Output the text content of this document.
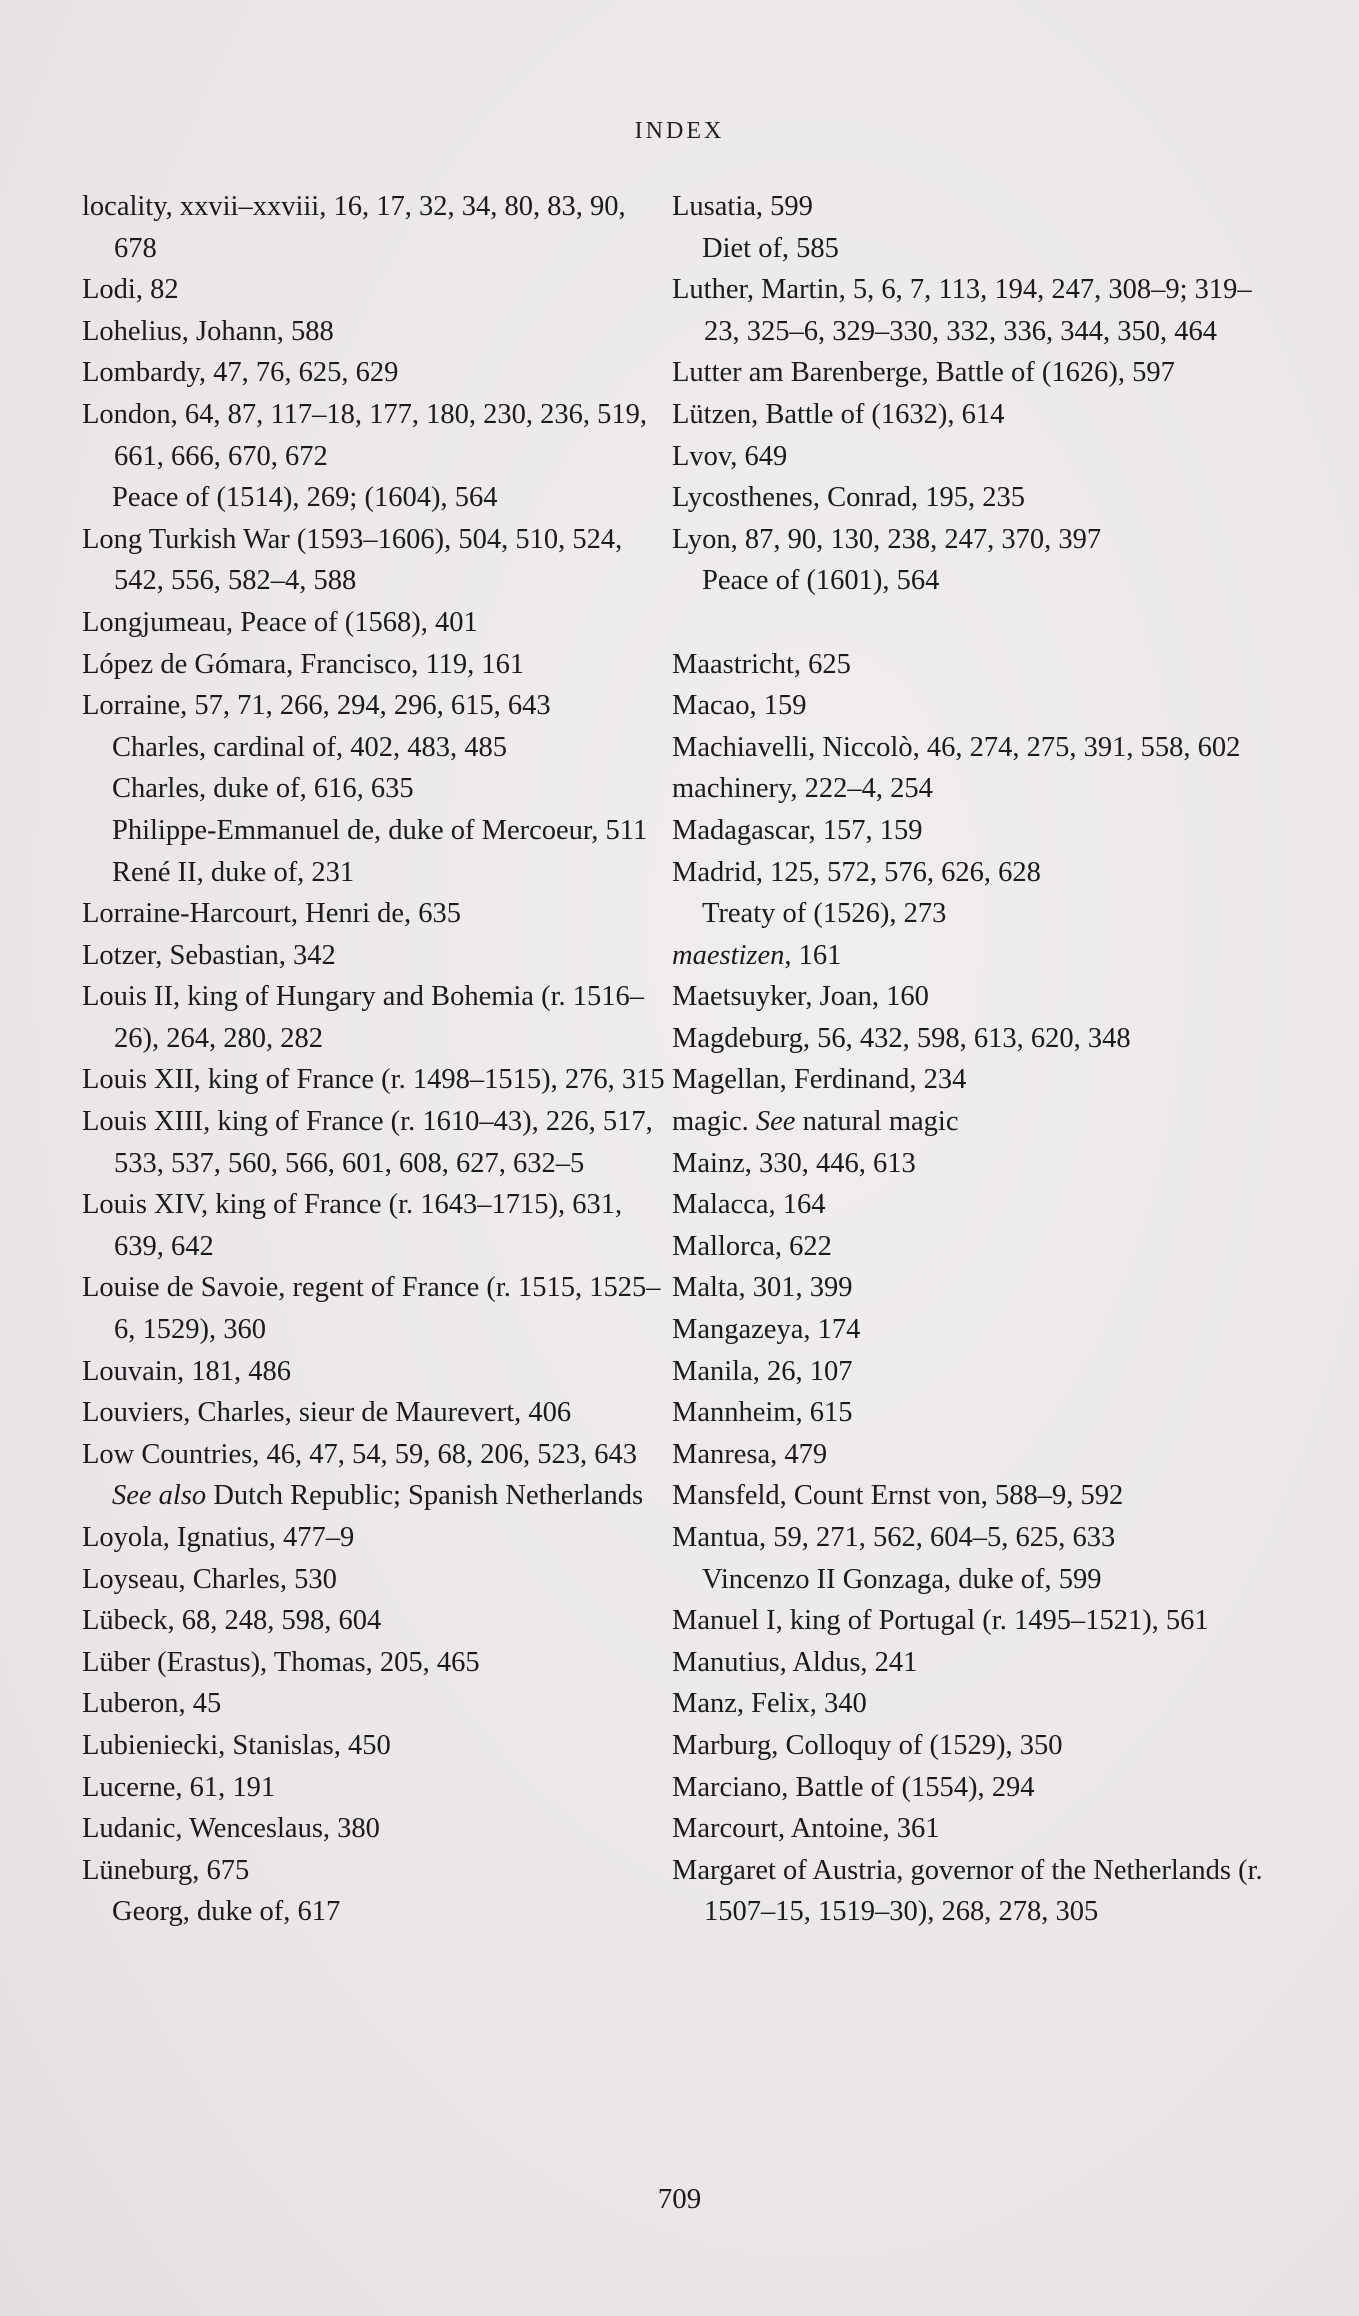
INDEX
locality, xxvii–xxviii, 16, 17, 32, 34, 80, 83, 90, 678
Lodi, 82
Lohelius, Johann, 588
Lombardy, 47, 76, 625, 629
London, 64, 87, 117–18, 177, 180, 230, 236, 519, 661, 666, 670, 672
Peace of (1514), 269; (1604), 564
Long Turkish War (1593–1606), 504, 510, 524, 542, 556, 582–4, 588
Longjumeau, Peace of (1568), 401
López de Gómara, Francisco, 119, 161
Lorraine, 57, 71, 266, 294, 296, 615, 643
Charles, cardinal of, 402, 483, 485
Charles, duke of, 616, 635
Philippe-Emmanuel de, duke of Mercoeur, 511
René II, duke of, 231
Lorraine-Harcourt, Henri de, 635
Lotzer, Sebastian, 342
Louis II, king of Hungary and Bohemia (r. 1516–26), 264, 280, 282
Louis XII, king of France (r. 1498–1515), 276, 315
Louis XIII, king of France (r. 1610–43), 226, 517, 533, 537, 560, 566, 601, 608, 627, 632–5
Louis XIV, king of France (r. 1643–1715), 631, 639, 642
Louise de Savoie, regent of France (r. 1515, 1525–6, 1529), 360
Louvain, 181, 486
Louviers, Charles, sieur de Maurevert, 406
Low Countries, 46, 47, 54, 59, 68, 206, 523, 643
See also Dutch Republic; Spanish Netherlands
Loyola, Ignatius, 477–9
Loyseau, Charles, 530
Lübeck, 68, 248, 598, 604
Lüber (Erastus), Thomas, 205, 465
Luberon, 45
Lubieniecki, Stanislas, 450
Lucerne, 61, 191
Ludanic, Wenceslaus, 380
Lüneburg, 675
Georg, duke of, 617
Lusatia, 599
Diet of, 585
Luther, Martin, 5, 6, 7, 113, 194, 247, 308–9; 319–23, 325–6, 329–330, 332, 336, 344, 350, 464
Lutter am Barenberge, Battle of (1626), 597
Lützen, Battle of (1632), 614
Lvov, 649
Lycosthenes, Conrad, 195, 235
Lyon, 87, 90, 130, 238, 247, 370, 397
Peace of (1601), 564
Maastricht, 625
Macao, 159
Machiavelli, Niccolò, 46, 274, 275, 391, 558, 602
machinery, 222–4, 254
Madagascar, 157, 159
Madrid, 125, 572, 576, 626, 628
Treaty of (1526), 273
maestizen, 161
Maetsuyker, Joan, 160
Magdeburg, 56, 432, 598, 613, 620, 348
Magellan, Ferdinand, 234
magic. See natural magic
Mainz, 330, 446, 613
Malacca, 164
Mallorca, 622
Malta, 301, 399
Mangazeya, 174
Manila, 26, 107
Mannheim, 615
Manresa, 479
Mansfeld, Count Ernst von, 588–9, 592
Mantua, 59, 271, 562, 604–5, 625, 633
Vincenzo II Gonzaga, duke of, 599
Manuel I, king of Portugal (r. 1495–1521), 561
Manutius, Aldus, 241
Manz, Felix, 340
Marburg, Colloquy of (1529), 350
Marciano, Battle of (1554), 294
Marcourt, Antoine, 361
Margaret of Austria, governor of the Netherlands (r. 1507–15, 1519–30), 268, 278, 305
709
